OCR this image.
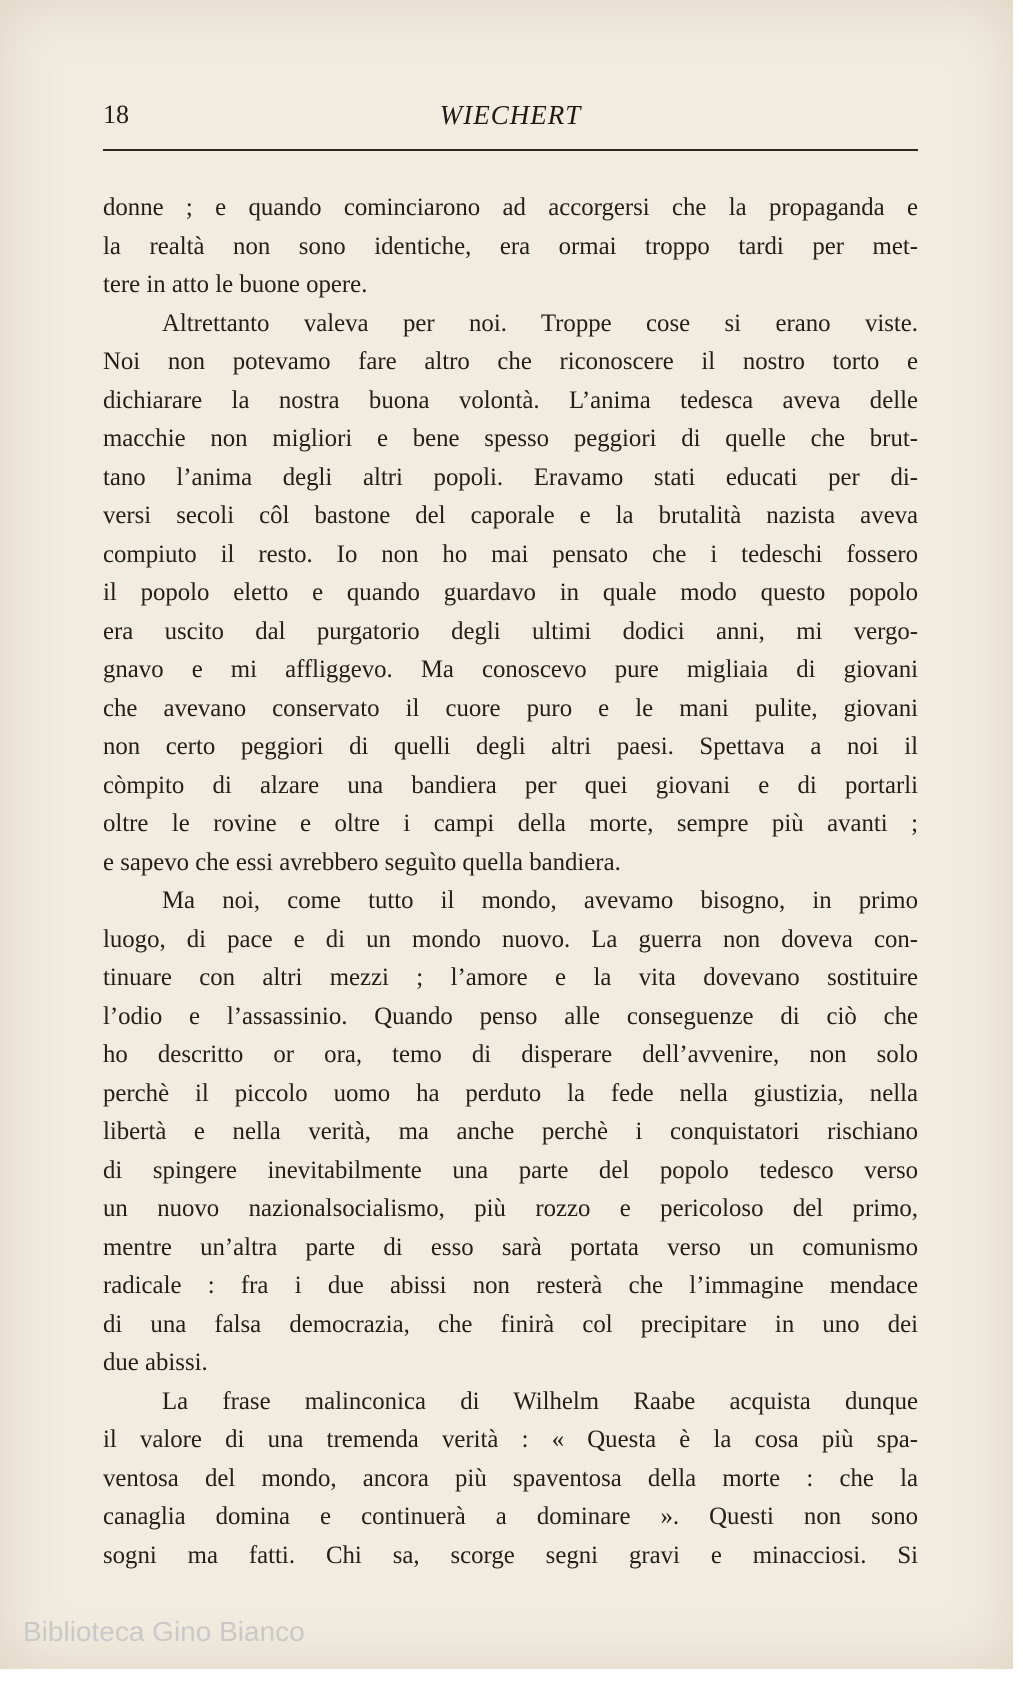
18	WIECHERT
donne ; e quando cominciarono ad accorgersi che la propaganda e
la realtà non sono identiche, era ormai troppo tardi per met-
tere in atto le buone opere.
Altrettanto valeva per noi. Troppe cose si erano viste.
Noi non potevamo fare altro che riconoscere il nostro torto e
dichiarare la nostra buona volontà. L’anima tedesca aveva delle
macchie non migliori e bene spesso peggiori di quelle che brut-
tano l’anima degli altri popoli. Eravamo stati educati per di-
versi secoli côl bastone del caporale e la brutalità nazista aveva
compiuto il resto. Io non ho mai pensato che i tedeschi fossero
il popolo eletto e quando guardavo in quale modo questo popolo
era uscito dal purgatorio degli ultimi dodici anni, mi vergo-
gnavo e mi affliggevo. Ma conoscevo pure migliaia di giovani
che avevano conservato il cuore puro e le mani pulite, giovani
non certo peggiori di quelli degli altri paesi. Spettava a noi il
còmpito di alzare una bandiera per quei giovani e di portarli
oltre le rovine e oltre i campi della morte, sempre più avanti ;
e sapevo che essi avrebbero seguìto quella bandiera.
Ma noi, come tutto il mondo, avevamo bisogno, in primo
luogo, di pace e di un mondo nuovo. La guerra non doveva con-
tinuare con altri mezzi ; l’amore e la vita dovevano sostituire
l’odio e l’assassinio. Quando penso alle conseguenze di ciò che
ho descritto or ora, temo di disperare dell’avvenire, non solo
perchè il piccolo uomo ha perduto la fede nella giustizia, nella
libertà e nella verità, ma anche perchè i conquistatori rischiano
di spingere inevitabilmente una parte del popolo tedesco verso
un nuovo nazionalsocialismo, più rozzo e pericoloso del primo,
mentre un’altra parte di esso sarà portata verso un comunismo
radicale : fra i due abissi non resterà che l’immagine mendace
di una falsa democrazia, che finirà col precipitare in uno dei
due abissi.
La frase malinconica di Wilhelm Raabe acquista dunque
il valore di una tremenda verità : « Questa è la cosa più spa-
ventosa del mondo, ancora più spaventosa della morte : che la
canaglia domina e continuerà a dominare ». Questi non sono
sogni ma fatti. Chi sa, scorge segni gravi e minacciosi. Si
Biblioteca Gino Bianco
